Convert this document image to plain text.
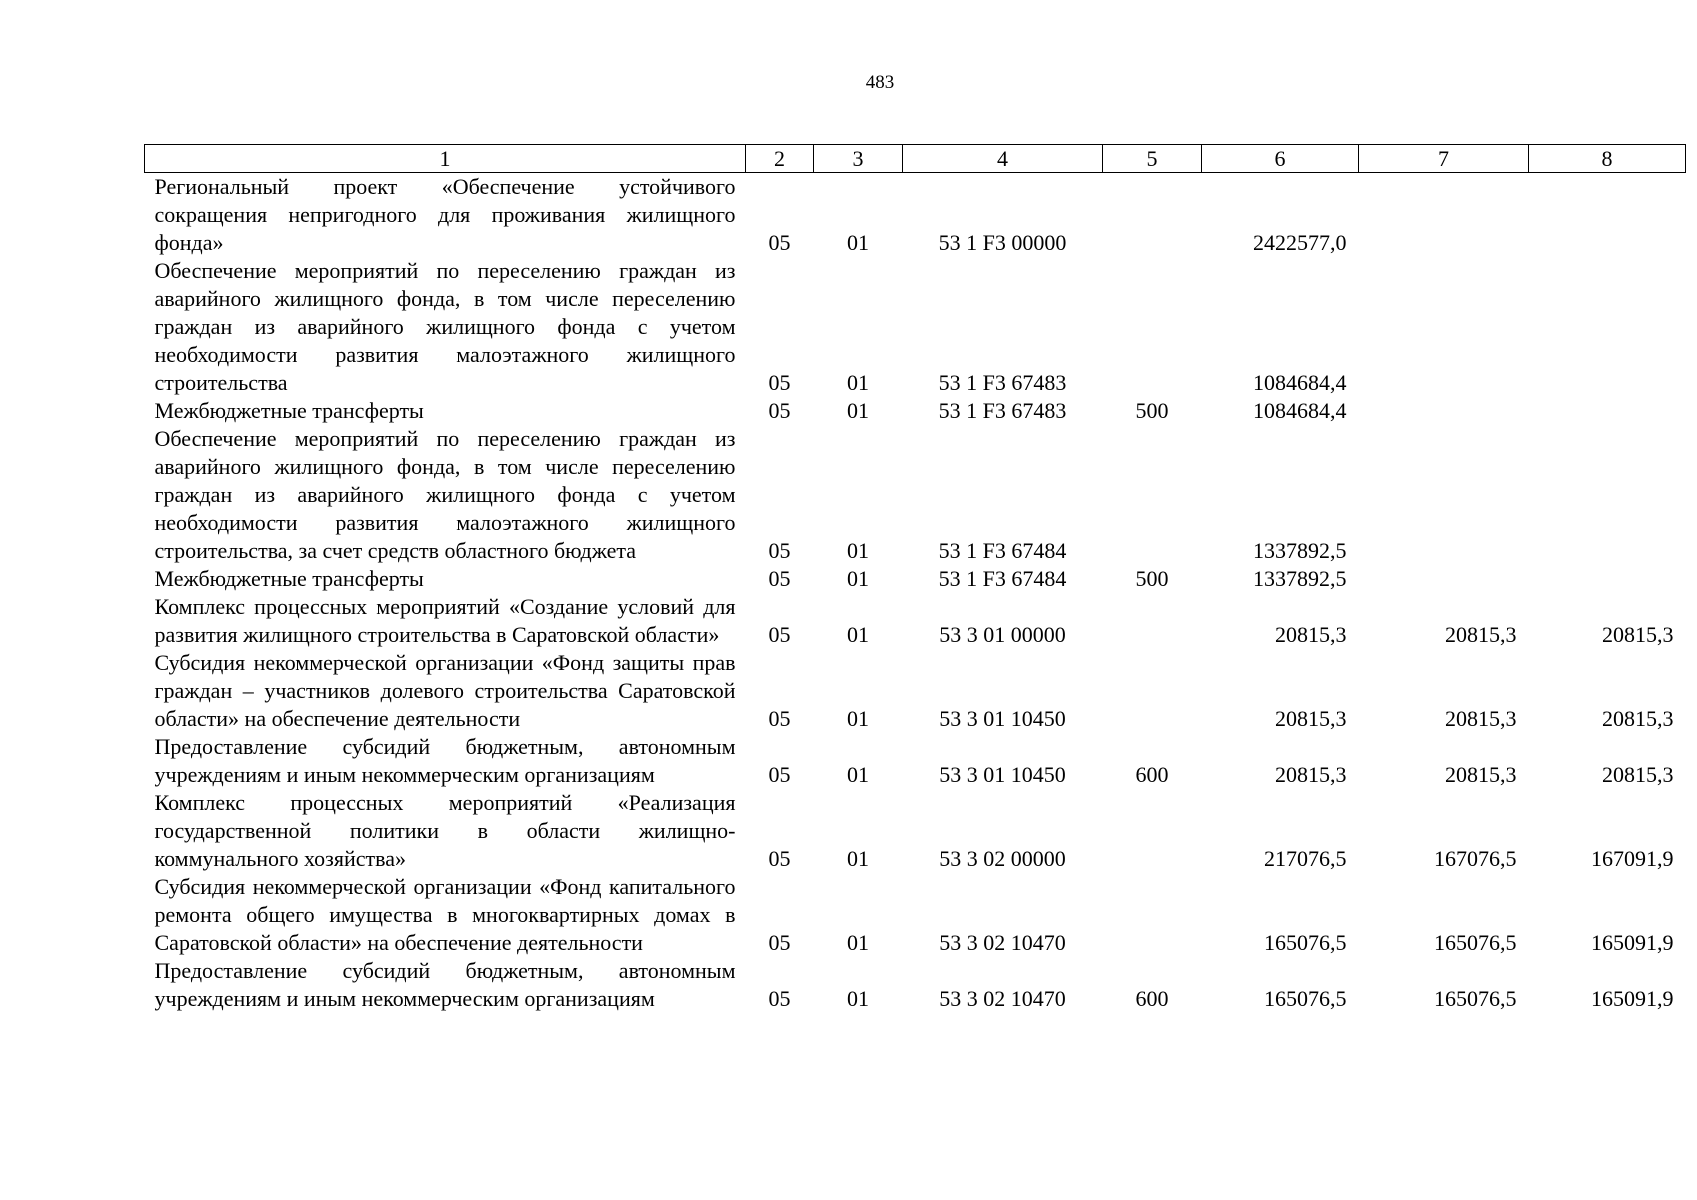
483
1	2	3	4	5	6	7	8
Региональный проект «Обеспечение устойчивого сокращения непригодного для проживания жилищного фонда»	05	01	53 1 F3 00000		2422577,0		
Обеспечение мероприятий по переселению граждан из аварийного жилищного фонда, в том числе переселению граждан из аварийного жилищного фонда с учетом необходимости развития малоэтажного жилищного строительства	05	01	53 1 F3 67483		1084684,4		
Межбюджетные трансферты	05	01	53 1 F3 67483	500	1084684,4		
Обеспечение мероприятий по переселению граждан из аварийного жилищного фонда, в том числе переселению граждан из аварийного жилищного фонда с учетом необходимости развития малоэтажного жилищного строительства, за счет средств областного бюджета	05	01	53 1 F3 67484		1337892,5		
Межбюджетные трансферты	05	01	53 1 F3 67484	500	1337892,5		
Комплекс процессных мероприятий «Создание условий для развития жилищного строительства в Саратовской области»	05	01	53 3 01 00000		20815,3	20815,3	20815,3
Субсидия некоммерческой организации «Фонд защиты прав граждан – участников долевого строительства Саратовской области» на обеспечение деятельности	05	01	53 3 01 10450		20815,3	20815,3	20815,3
Предоставление субсидий бюджетным, автономным учреждениям и иным некоммерческим организациям	05	01	53 3 01 10450	600	20815,3	20815,3	20815,3
Комплекс процессных мероприятий «Реализация государственной политики в области жилищно-коммунального хозяйства»	05	01	53 3 02 00000		217076,5	167076,5	167091,9
Субсидия некоммерческой организации «Фонд капитального ремонта общего имущества в многоквартирных домах в Саратовской области» на обеспечение деятельности	05	01	53 3 02 10470		165076,5	165076,5	165091,9
Предоставление субсидий бюджетным, автономным учреждениям и иным некоммерческим организациям	05	01	53 3 02 10470	600	165076,5	165076,5	165091,9
